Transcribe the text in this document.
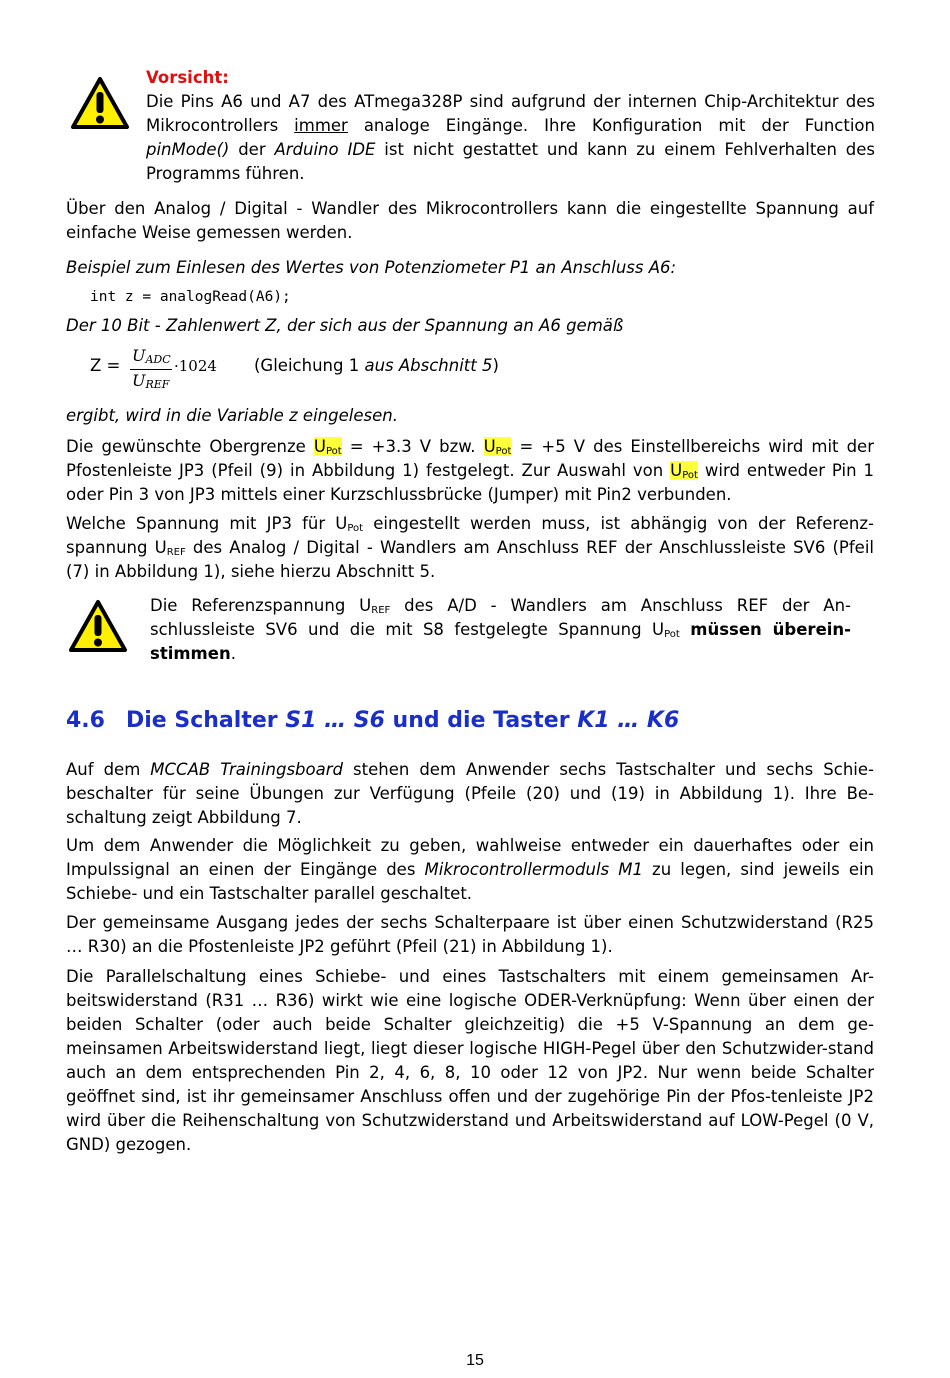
Vorsicht:
Die Pins A6 und A7 des ATmega328P sind aufgrund der internen Chip-Architektur des Mikrocontrollers immer analoge Eingänge. Ihre Konfiguration mit der Function pinMode() der Arduino IDE ist nicht gestattet und kann zu einem Fehlverhalten des Programms führen.

Über den Analog / Digital - Wandler des Mikrocontrollers kann die eingestellte Spannung auf einfache Weise gemessen werden.

Beispiel zum Einlesen des Wertes von Potenziometer P1 an Anschluss A6:

int z = analogRead(A6);

Der 10 Bit - Zahlenwert Z, der sich aus der Spannung an A6 gemäß

Z =
$U_{ADC}$
$U_{REF}$
·1024 (Gleichung 1 aus Abschnitt 5)

ergibt, wird in die Variable z eingelesen.

Die gewünschte Obergrenze $U_{Pot} = +3.3$ V bzw. $U_{Pot} = +5$ V des Einstellbereichs wird mit der Pfostenleiste JP3 (Pfeil (9) in Abbildung 1) festgelegt. Zur Auswahl von $U_{Pot}$ wird entweder Pin 1 oder Pin 3 von JP3 mittels einer Kurzschlussbrücke (Jumper) mit Pin2 verbunden.

Welche Spannung mit JP3 für $U_{Pot}$ eingestellt werden muss, ist abhängig von der Referenz-spannung $U_{REF}$ des Analog / Digital - Wandlers am Anschluss REF der Anschlussleiste SV6 (Pfeil (7) in Abbildung 1), siehe hierzu Abschnitt 5.

Die Referenzspannung $U_{REF}$ des A/D - Wandlers am Anschluss REF der An-schlussleiste SV6 und die mit S8 festgelegte Spannung $U_{Pot}$ müssen überein-stimmen.
4.6 Die Schalter S1 … S6 und die Taster K1 … K6

Auf dem MCCAB Trainingsboard stehen dem Anwender sechs Tastschalter und sechs Schie-beschalter für seine Übungen zur Verfügung (Pfeile (20) und (19) in Abbildung 1). Ihre Be-schaltung zeigt Abbildung 7.

Um dem Anwender die Möglichkeit zu geben, wahlweise entweder ein dauerhaftes oder ein Impulssignal an einen der Eingänge des Mikrocontrollermoduls M1 zu legen, sind jeweils ein Schiebe- und ein Tastschalter parallel geschaltet.

Der gemeinsame Ausgang jedes der sechs Schalterpaare ist über einen Schutzwiderstand (R25 … R30) an die Pfostenleiste JP2 geführt (Pfeil (21) in Abbildung 1).

Die Parallelschaltung eines Schiebe- und eines Tastschalters mit einem gemeinsamen Ar-beitswiderstand (R31 … R36) wirkt wie eine logische ODER-Verknüpfung: Wenn über einen der beiden Schalter (oder auch beide Schalter gleichzeitig) die +5 V-Spannung an dem ge-meinsamen Arbeitswiderstand liegt, liegt dieser logische HIGH-Pegel über den Schutzwider-stand auch an dem entsprechenden Pin 2, 4, 6, 8, 10 oder 12 von JP2. Nur wenn beide Schalter geöffnet sind, ist ihr gemeinsamer Anschluss offen und der zugehörige Pin der Pfos-tenleiste JP2 wird über die Reihenschaltung von Schutzwiderstand und Arbeitswiderstand auf LOW-Pegel (0 V, GND) gezogen.

15
